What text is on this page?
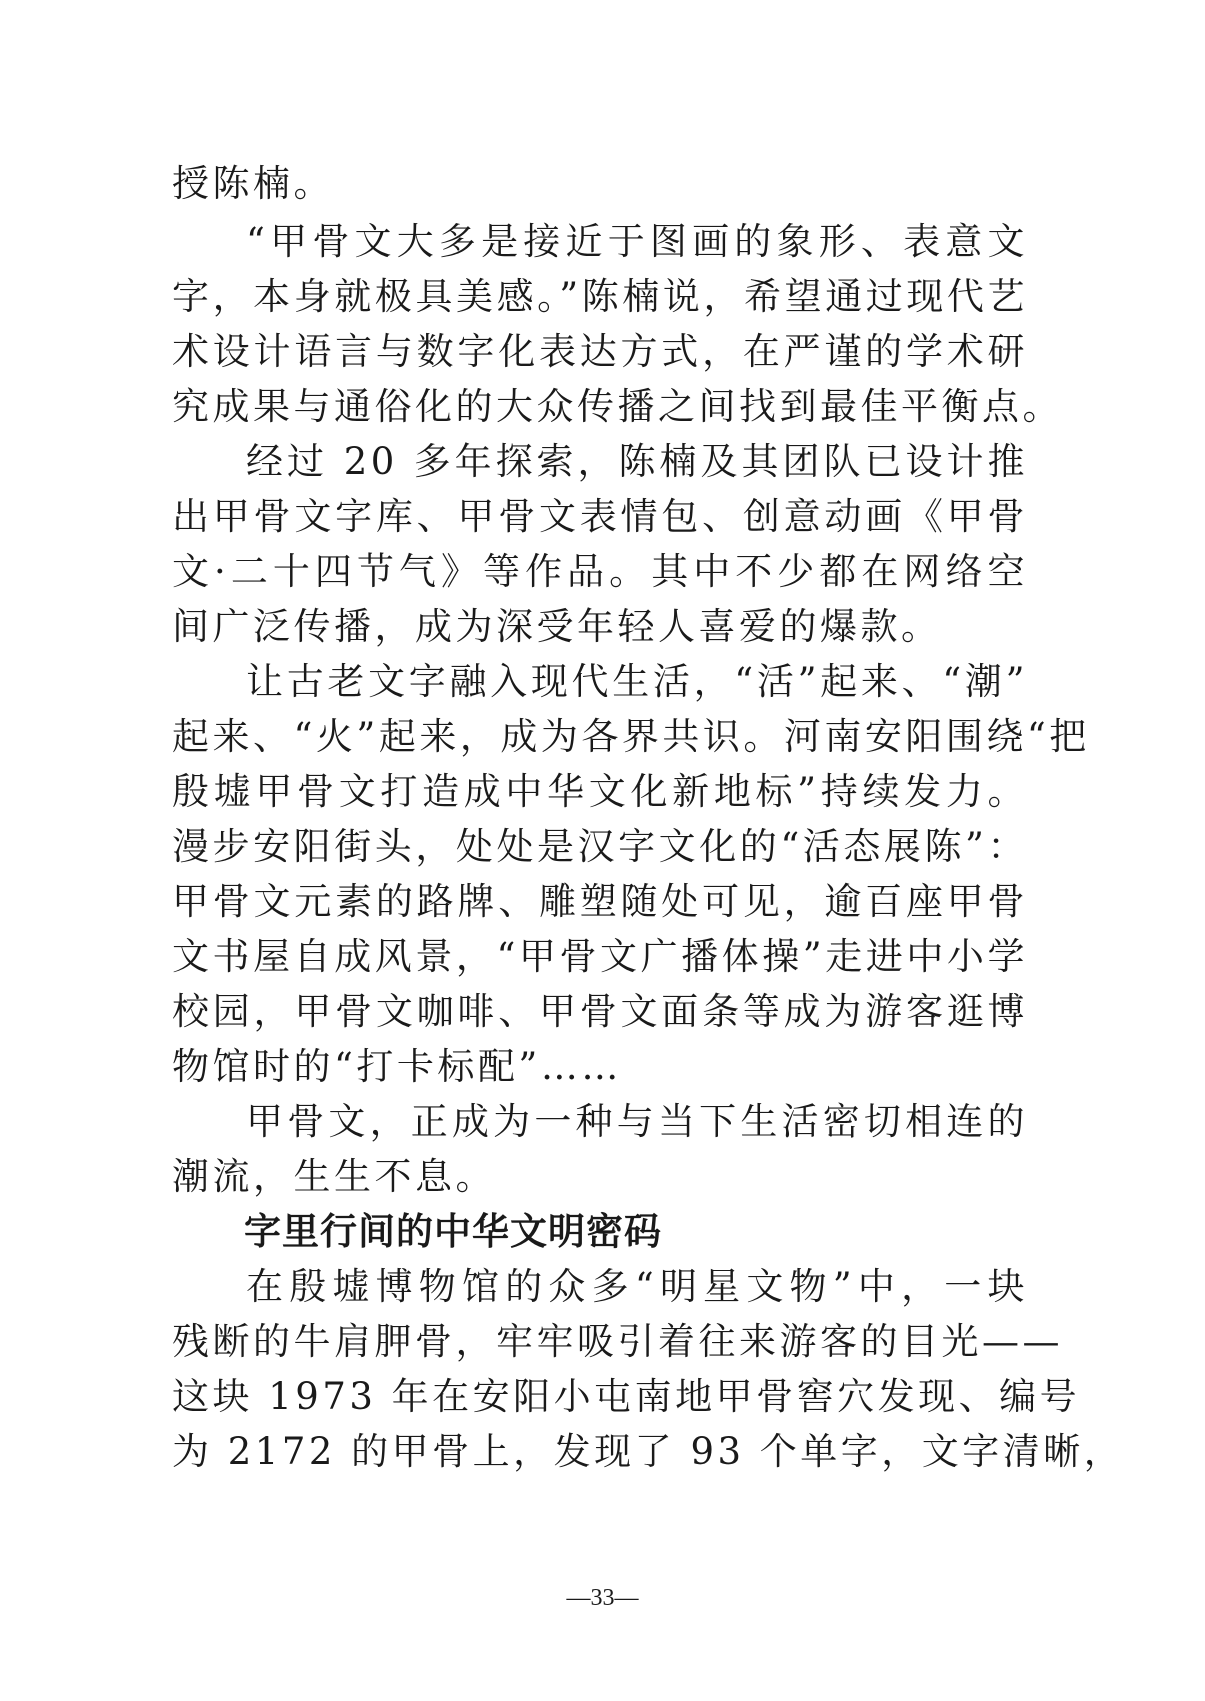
授陈楠。
“甲骨文大多是接近于图画的象形、表意文
字，本身就极具美感。”陈楠说，希望通过现代艺
术设计语言与数字化表达方式，在严谨的学术研
究成果与通俗化的大众传播之间找到最佳平衡点。
经过 20 多年探索，陈楠及其团队已设计推
出甲骨文字库、甲骨文表情包、创意动画《甲骨
文·二十四节气》等作品。其中不少都在网络空
间广泛传播，成为深受年轻人喜爱的爆款。
让古老文字融入现代生活，“活”起来、“潮”
起来、“火”起来，成为各界共识。河南安阳围绕“把
殷墟甲骨文打造成中华文化新地标”持续发力。
漫步安阳街头，处处是汉字文化的“活态展陈”：
甲骨文元素的路牌、雕塑随处可见，逾百座甲骨
文书屋自成风景，“甲骨文广播体操”走进中小学
校园，甲骨文咖啡、甲骨文面条等成为游客逛博
物馆时的“打卡标配”……
甲骨文，正成为一种与当下生活密切相连的
潮流，生生不息。
字里行间的中华文明密码
在殷墟博物馆的众多“明星文物”中，一块
残断的牛肩胛骨，牢牢吸引着往来游客的目光——
这块 1973 年在安阳小屯南地甲骨窖穴发现、编号
为 2172 的甲骨上，发现了 93 个单字，文字清晰，
—33—
